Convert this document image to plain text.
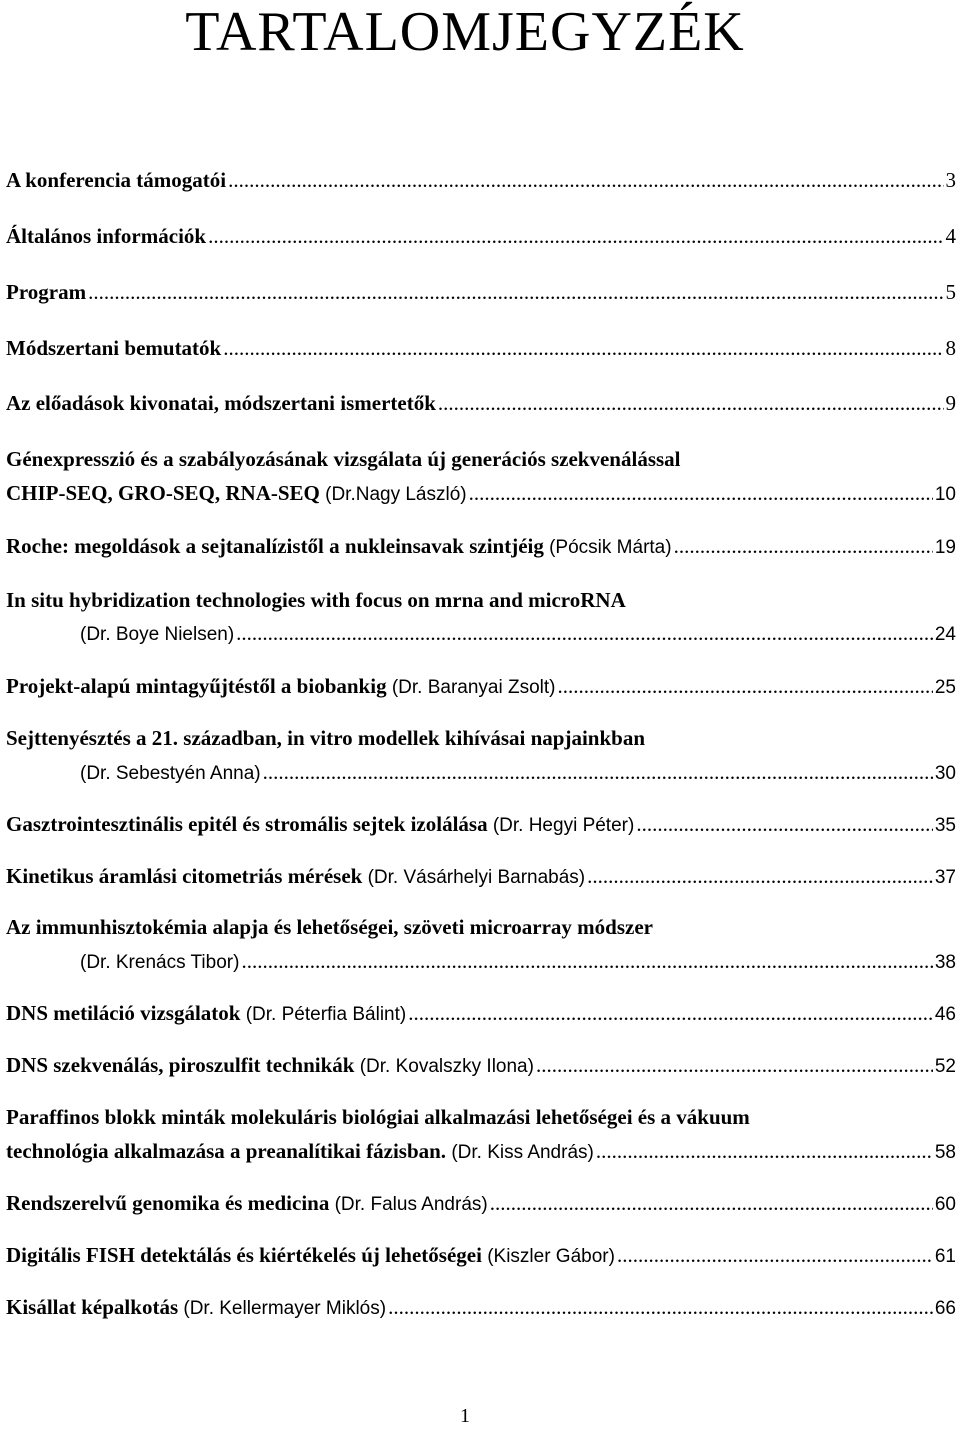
TARTALOMJEGYZÉK
A konferencia támogatói .....	3
Általános információk .....	4
Program .....	5
Módszertani bemutatók .....	8
Az előadások kivonatai, módszertani ismertetők .....	9
Génexpresszió és a szabályozásának vizsgálata új generációs szekvenálással
CHIP-SEQ, GRO-SEQ, RNA-SEQ (Dr.Nagy László) .....	10
Roche: megoldások a sejtanalízistől a nukleinsavak szintjéig (Pócsik Márta) .....	19
In situ hybridization technologies with focus on mrna and microRNA
(Dr. Boye Nielsen) .....	24
Projekt-alapú mintagyűjtéstől a biobankig (Dr. Baranyai Zsolt) .....	25
Sejttenyésztés a 21. században, in vitro modellek kihívásai napjainkban
(Dr. Sebestyén Anna) .....	30
Gasztrointesztinális epitél és stromális sejtek izolálása (Dr. Hegyi Péter) .....	35
Kinetikus áramlási citometriás mérések (Dr. Vásárhelyi Barnabás) .....	37
Az immunhisztokémia alapja és lehetőségei, szöveti microarray módszer
(Dr. Krenács Tibor) .....	38
DNS metiláció vizsgálatok (Dr. Péterfia Bálint) .....	46
DNS szekvenálás, piroszulfit technikák (Dr. Kovalszky Ilona) .....	52
Paraffinos blokk minták molekuláris biológiai alkalmazási lehetőségei és a vákuum
technológia alkalmazása a preanalítikai fázisban. (Dr. Kiss András) .....	58
Rendszerelvű genomika és medicina (Dr. Falus András) .....	60
Digitális FISH detektálás és kiértékelés új lehetőségei (Kiszler Gábor) .....	61
Kisállat képalkotás (Dr. Kellermayer Miklós) .....	66
1
